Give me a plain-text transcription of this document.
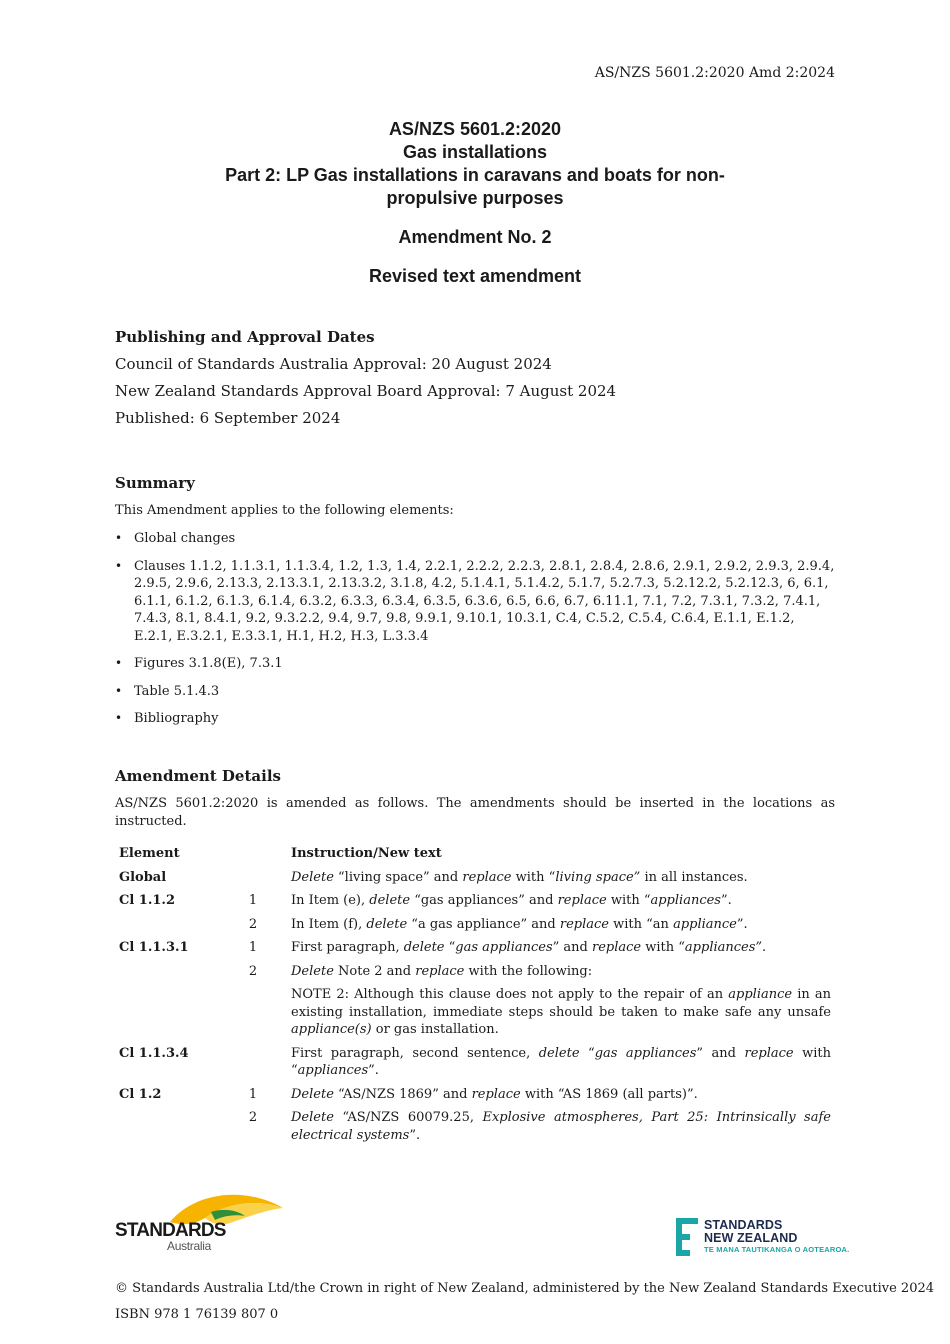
AS/NZS 5601.2:2020 Amd 2:2024
AS/NZS 5601.2:2020
Gas installations
Part 2: LP Gas installations in caravans and boats for non-
propulsive purposes
Amendment No. 2
Revised text amendment

Publishing and Approval Dates

Council of Standards Australia Approval: 20 August 2024

New Zealand Standards Approval Board Approval: 7 August 2024

Published: 6 September 2024

Summary

This Amendment applies to the following elements:

• Global changes
• Clauses 1.1.2, 1.1.3.1, 1.1.3.4, 1.2, 1.3, 1.4, 2.2.1, 2.2.2, 2.2.3, 2.8.1, 2.8.4, 2.8.6, 2.9.1, 2.9.2, 2.9.3, 2.9.4, 2.9.5, 2.9.6, 2.13.3, 2.13.3.1, 2.13.3.2, 3.1.8, 4.2, 5.1.4.1, 5.1.4.2, 5.1.7, 5.2.7.3, 5.2.12.2, 5.2.12.3, 6, 6.1, 6.1.1, 6.1.2, 6.1.3, 6.1.4, 6.3.2, 6.3.3, 6.3.4, 6.3.5, 6.3.6, 6.5, 6.6, 6.7, 6.11.1, 7.1, 7.2, 7.3.1, 7.3.2, 7.4.1, 7.4.3, 8.1, 8.4.1, 9.2, 9.3.2.2, 9.4, 9.7, 9.8, 9.9.1, 9.10.1, 10.3.1, C.4, C.5.2, C.5.4, C.6.4, E.1.1, E.1.2, E.2.1, E.3.2.1, E.3.3.1, H.1, H.2, H.3, L.3.3.4
• Figures 3.1.8(E), 7.3.1
• Table 5.1.4.3
• Bibliography

Amendment Details

AS/NZS 5601.2:2020 is amended as follows. The amendments should be inserted in the locations as instructed.

Element		Instruction/New text
Global		Delete “living space” and replace with “living space” in all instances.
Cl 1.1.2	1	In Item (e), delete “gas appliances” and replace with “appliances”.
	2	In Item (f), delete “a gas appliance” and replace with “an appliance”.
Cl 1.1.3.1	1	First paragraph, delete “gas appliances” and replace with “appliances”.
	2	Delete Note 2 and replace with the following:
		NOTE 2: Although this clause does not apply to the repair of an appliance in an existing installation, immediate steps should be taken to make safe any unsafe appliance(s) or gas installation.
Cl 1.1.3.4		First paragraph, second sentence, delete “gas appliances” and replace with “appliances”.
Cl 1.2	1	Delete “AS/NZS 1869” and replace with “AS 1869 (all parts)”.
	2	Delete “AS/NZS 60079.25, Explosive atmospheres, Part 25: Intrinsically safe electrical systems”.
STANDARDS
Australia
STANDARDS
NEW ZEALAND
TE MANA TAUTIKANGA O AOTEAROA.
© Standards Australia Ltd/the Crown in right of New Zealand, administered by the New Zealand Standards Executive 2024
ISBN 978 1 76139 807 0
